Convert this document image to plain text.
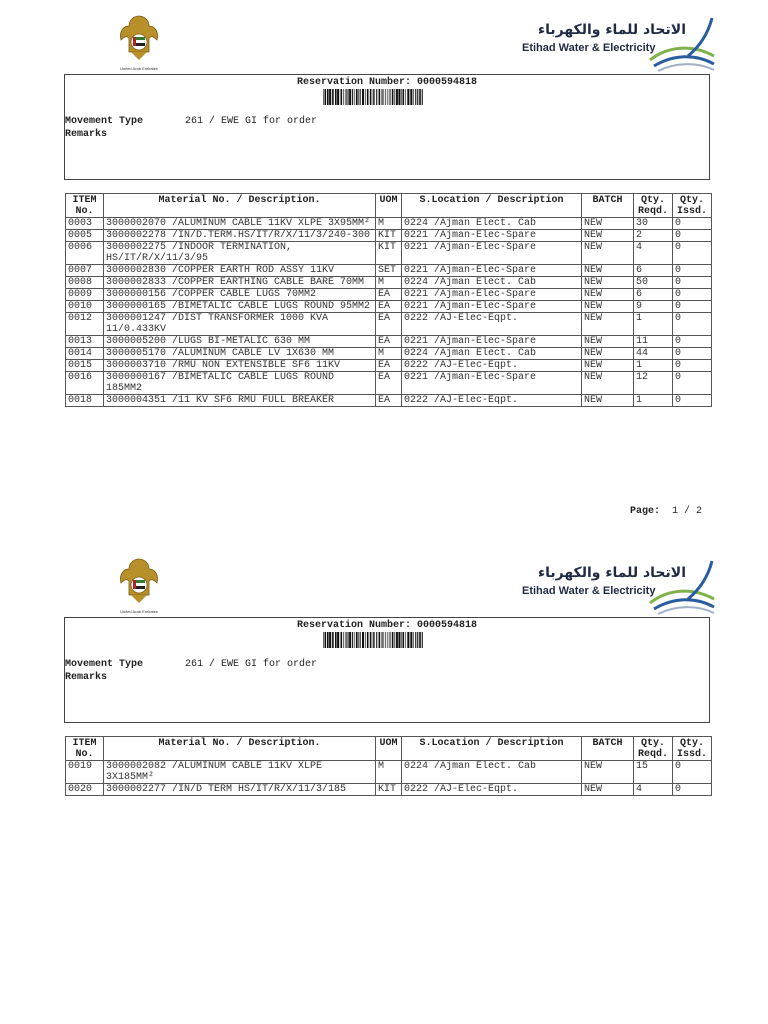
United Arab Emirates
الاتحاد للماء والكهرباء
Etihad Water & Electricity
Reservation Number: 0000594818
Movement Type	261 / EWE GI for order
Remarks
ITEM No.	Material No. / Description.	UOM	S.Location / Description	BATCH	Qty. Reqd.	Qty. Issd.
0003	3000002070 /ALUMINUM CABLE 11KV XLPE 3X95MM²	M	0224 /Ajman Elect. Cab	NEW	30	0
0005	3000002278 /IN/D.TERM.HS/IT/R/X/11/3/240-300	KIT	0221 /Ajman-Elec-Spare	NEW	2	0
0006	3000002275 /INDOOR TERMINATION, HS/IT/R/X/11/3/95	KIT	0221 /Ajman-Elec-Spare	NEW	4	0
0007	3000002830 /COPPER EARTH ROD ASSY 11KV	SET	0221 /Ajman-Elec-Spare	NEW	6	0
0008	3000002833 /COPPER EARTHING CABLE BARE 70MM	M	0224 /Ajman Elect. Cab	NEW	50	0
0009	3000000156 /COPPER CABLE LUGS 70MM2	EA	0221 /Ajman-Elec-Spare	NEW	6	0
0010	3000000165 /BIMETALIC CABLE LUGS ROUND 95MM2	EA	0221 /Ajman-Elec-Spare	NEW	9	0
0012	3000001247 /DIST TRANSFORMER 1000 KVA 11/0.433KV	EA	0222 /AJ-Elec-Eqpt.	NEW	1	0
0013	3000005200 /LUGS BI-METALIC 630 MM	EA	0221 /Ajman-Elec-Spare	NEW	11	0
0014	3000005170 /ALUMINUM CABLE LV 1X630 MM	M	0224 /Ajman Elect. Cab	NEW	44	0
0015	3000003710 /RMU NON EXTENSIBLE SF6 11KV	EA	0222 /AJ-Elec-Eqpt.	NEW	1	0
0016	3000000167 /BIMETALIC CABLE LUGS ROUND 185MM2	EA	0221 /Ajman-Elec-Spare	NEW	12	0
0018	3000004351 /11 KV SF6 RMU FULL BREAKER	EA	0222 /AJ-Elec-Eqpt.	NEW	1	0
Page: 1 / 2
United Arab Emirates
الاتحاد للماء والكهرباء
Etihad Water & Electricity
Reservation Number: 0000594818
Movement Type	261 / EWE GI for order
Remarks
ITEM No.	Material No. / Description.	UOM	S.Location / Description	BATCH	Qty. Reqd.	Qty. Issd.
0019	3000002082 /ALUMINUM CABLE 11KV XLPE 3X185MM²	M	0224 /Ajman Elect. Cab	NEW	15	0
0020	3000002277 /IN/D TERM HS/IT/R/X/11/3/185	KIT	0222 /AJ-Elec-Eqpt.	NEW	4	0
